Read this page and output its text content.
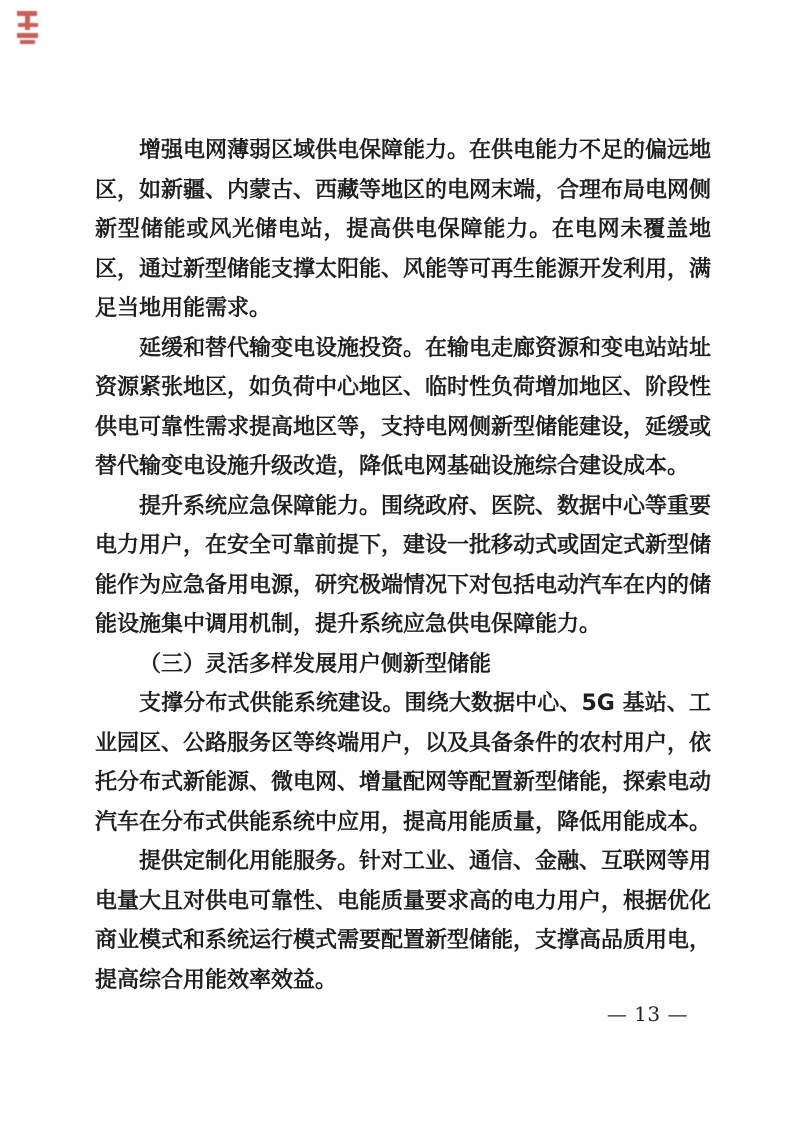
增强电网薄弱区域供电保障能力。在供电能力不足的偏远地区，如新疆、内蒙古、西藏等地区的电网末端，合理布局电网侧新型储能或风光储电站，提高供电保障能力。在电网未覆盖地区，通过新型储能支撑太阳能、风能等可再生能源开发利用，满足当地用能需求。

延缓和替代输变电设施投资。在输电走廊资源和变电站站址资源紧张地区，如负荷中心地区、临时性负荷增加地区、阶段性供电可靠性需求提高地区等，支持电网侧新型储能建设，延缓或替代输变电设施升级改造，降低电网基础设施综合建设成本。

提升系统应急保障能力。围绕政府、医院、数据中心等重要电力用户，在安全可靠前提下，建设一批移动式或固定式新型储能作为应急备用电源，研究极端情况下对包括电动汽车在内的储能设施集中调用机制，提升系统应急供电保障能力。

（三）灵活多样发展用户侧新型储能

支撑分布式供能系统建设。围绕大数据中心、5G 基站、工业园区、公路服务区等终端用户，以及具备条件的农村用户，依托分布式新能源、微电网、增量配网等配置新型储能，探索电动汽车在分布式供能系统中应用，提高用能质量，降低用能成本。

提供定制化用能服务。针对工业、通信、金融、互联网等用电量大且对供电可靠性、电能质量要求高的电力用户，根据优化商业模式和系统运行模式需要配置新型储能，支撑高品质用电，提高综合用能效率效益。

— 13 —
